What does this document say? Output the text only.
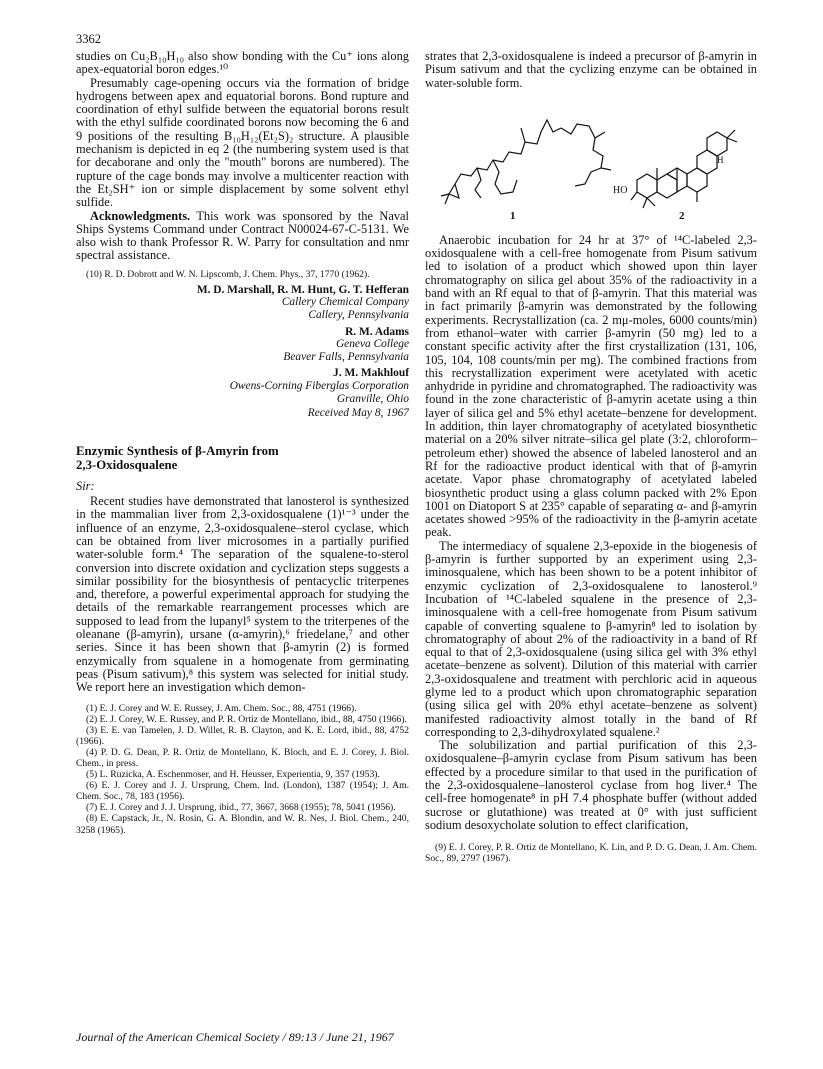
3362

studies on Cu₂B₁₀H₁₀ also show bonding with the Cu⁺ ions along apex-equatorial boron edges.¹⁰

Presumably cage-opening occurs via the formation of bridge hydrogens between apex and equatorial borons. Bond rupture and coordination of ethyl sulfide between the equatorial borons result with the ethyl sulfide coordinated borons now becoming the 6 and 9 positions of the resulting B₁₀H₁₂(Et₂S)₂ structure. A plausible mechanism is depicted in eq 2 (the numbering system used is that for decaborane and only the "mouth" borons are numbered). The rupture of the cage bonds may involve a multicenter reaction with the Et₂SH⁺ ion or simple displacement by some solvent ethyl sulfide.

Acknowledgments. This work was sponsored by the Naval Ships Systems Command under Contract N00024-67-C-5131. We also wish to thank Professor R. W. Parry for consultation and nmr spectral assistance.

(10) R. D. Dobrott and W. N. Lipscomb, J. Chem. Phys., 37, 1770 (1962).
M. D. Marshall, R. M. Hunt, G. T. Hefferan
Callery Chemical Company
Callery, Pennsylvania
R. M. Adams
Geneva College
Beaver Falls, Pennsylvania
J. M. Makhlouf
Owens-Corning Fiberglas Corporation
Granville, Ohio
Received May 8, 1967
Enzymic Synthesis of β-Amyrin from
2,3-Oxidosqualene
Sir:

Recent studies have demonstrated that lanosterol is synthesized in the mammalian liver from 2,3-oxidosqualene (1)¹⁻³ under the influence of an enzyme, 2,3-oxidosqualene–sterol cyclase, which can be obtained from liver microsomes in a partially purified water-soluble form.⁴ The separation of the squalene-to-sterol conversion into discrete oxidation and cyclization steps suggests a similar possibility for the biosynthesis of pentacyclic triterpenes and, therefore, a powerful experimental approach for studying the details of the remarkable rearrangement processes which are supposed to lead from the lupanyl⁵ system to the triterpenes of the oleanane (β-amyrin), ursane (α-amyrin),⁶ friedelane,⁷ and other series. Since it has been shown that β-amyrin (2) is formed enzymically from squalene in a homogenate from germinating peas (Pisum sativum),⁸ this system was selected for initial study. We report here an investigation which demon-

(1) E. J. Corey and W. E. Russey, J. Am. Chem. Soc., 88, 4751 (1966).
(2) E. J. Corey, W. E. Russey, and P. R. Ortiz de Montellano, ibid., 88, 4750 (1966).
(3) E. E. van Tamelen, J. D. Willet, R. B. Clayton, and K. E. Lord, ibid., 88, 4752 (1966).
(4) P. D. G. Dean, P. R. Ortiz de Montellano, K. Bloch, and E. J. Corey, J. Biol. Chem., in press.
(5) L. Ruzicka, A. Eschenmoser, and H. Heusser, Experientia, 9, 357 (1953).
(6) E. J. Corey and J. J. Ursprung, Chem. Ind. (London), 1387 (1954); J. Am. Chem. Soc., 78, 183 (1956).
(7) E. J. Corey and J. J. Ursprung, ibid., 77, 3667, 3668 (1955); 78, 5041 (1956).
(8) E. Capstack, Jr., N. Rosin, G. A. Blondin, and W. R. Nes, J. Biol. Chem., 240, 3258 (1965).

strates that 2,3-oxidosqualene is indeed a precursor of β-amyrin in Pisum sativum and that the cyclizing enzyme can be obtained in water-soluble form.

1	2
HO
H

Anaerobic incubation for 24 hr at 37° of ¹⁴C-labeled 2,3-oxidosqualene with a cell-free homogenate from Pisum sativum led to isolation of a product which showed upon thin layer chromatography on silica gel about 35% of the radioactivity in a band with an Rf equal to that of β-amyrin. That this material was in fact primarily β-amyrin was demonstrated by the following experiments. Recrystallization (ca. 2 mμ-moles, 6000 counts/min) from ethanol–water with carrier β-amyrin (50 mg) led to a constant specific activity after the first crystallization (131, 106, 105, 104, 108 counts/min per mg). The combined fractions from this recrystallization experiment were acetylated with acetic anhydride in pyridine and chromatographed. The radioactivity was found in the zone characteristic of β-amyrin acetate using a thin layer of silica gel and 5% ethyl acetate–benzene for development. In addition, thin layer chromatography of acetylated biosynthetic material on a 20% silver nitrate–silica gel plate (3:2, chloroform–petroleum ether) showed the absence of labeled lanosterol and an Rf for the radioactive product identical with that of β-amyrin acetate. Vapor phase chromatography of acetylated labeled biosynthetic product using a glass column packed with 2% Epon 1001 on Diatoport S at 235° capable of separating α- and β-amyrin acetates showed >95% of the radioactivity in the β-amyrin acetate peak.

The intermediacy of squalene 2,3-epoxide in the biogenesis of β-amyrin is further supported by an experiment using 2,3-iminosqualene, which has been shown to be a potent inhibitor of enzymic cyclization of 2,3-oxidosqualene to lanosterol.⁹ Incubation of ¹⁴C-labeled squalene in the presence of 2,3-iminosqualene with a cell-free homogenate from Pisum sativum capable of converting squalene to β-amyrin⁸ led to isolation by chromatography of about 2% of the radioactivity in a band of Rf equal to that of 2,3-oxidosqualene (using silica gel with 3% ethyl acetate–benzene as solvent). Dilution of this material with carrier 2,3-oxidosqualene and treatment with perchloric acid in aqueous glyme led to a product which upon chromatographic separation (using silica gel with 20% ethyl acetate–benzene as solvent) manifested radioactivity almost totally in the band of Rf corresponding to 2,3-dihydroxylated squalene.²

The solubilization and partial purification of this 2,3-oxidosqualene–β-amyrin cyclase from Pisum sativum has been effected by a procedure similar to that used in the purification of the 2,3-oxidosqualene–lanosterol cyclase from hog liver.⁴ The cell-free homogenate⁸ in pH 7.4 phosphate buffer (without added sucrose or glutathione) was treated at 0° with just sufficient sodium desoxycholate solution to effect clarification,

(9) E. J. Corey, P. R. Ortiz de Montellano, K. Lin, and P. D. G. Dean, J. Am. Chem. Soc., 89, 2797 (1967).
Journal of the American Chemical Society / 89:13 / June 21, 1967
